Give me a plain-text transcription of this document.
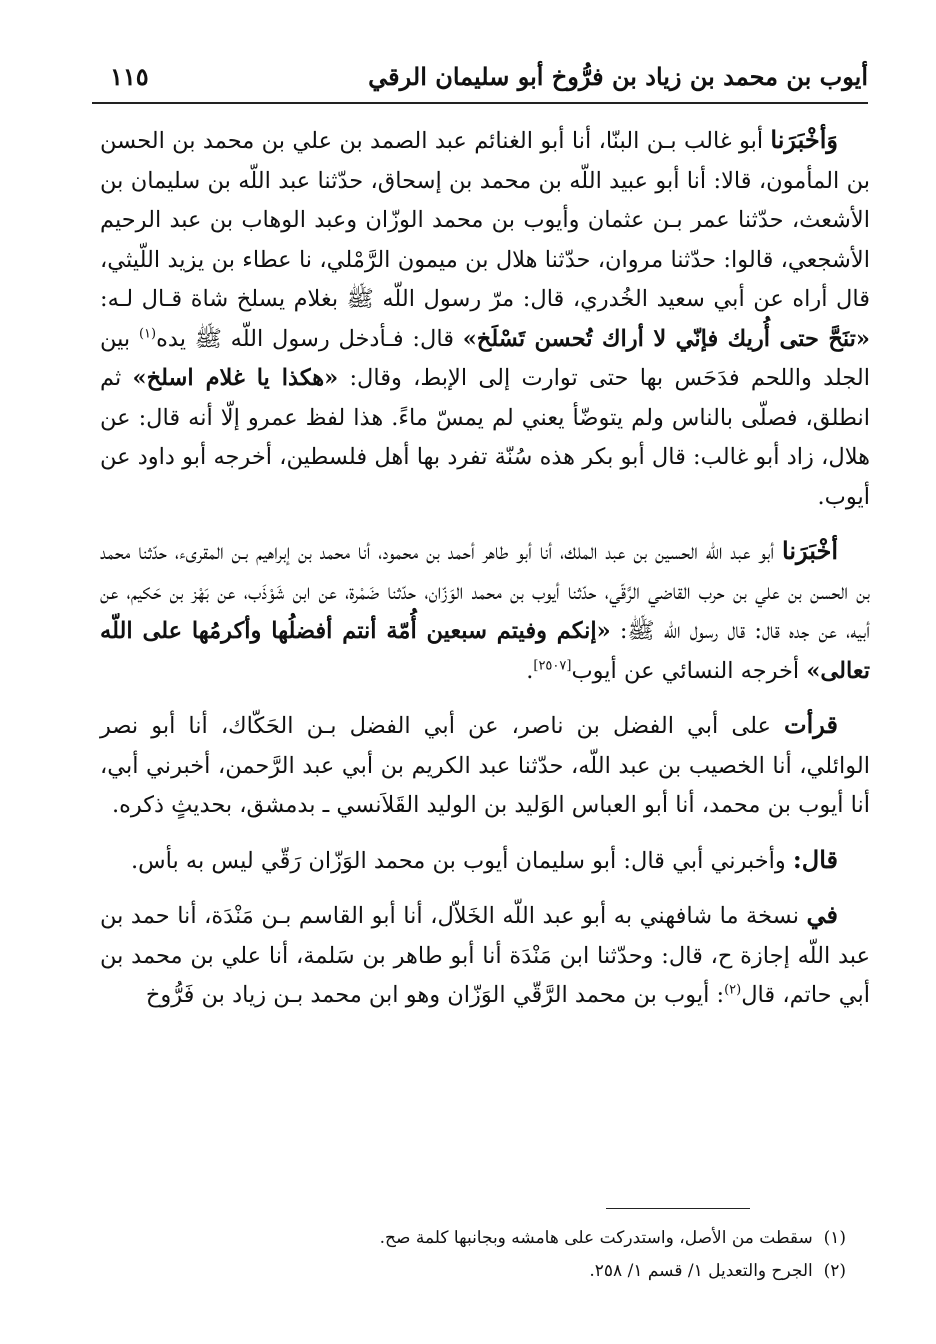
أيوب بن محمد بن زياد بن فرُّوخ أبو سليمان الرقي
١١٥

وَأخْبَرَنا أبو غالب بـن البنّا، أنا أبو الغنائم عبد الصمد بن علي بن محمد بن الحسن بن المأمون، قالا: أنا أبو عبيد اللّه بن محمد بن إسحاق، حدّثنا عبد اللّه بن سليمان بن الأشعث، حدّثنا عمر بـن عثمان وأيوب بن محمد الوزّان وعبد الوهاب بن عبد الرحيم الأشجعي، قالوا: حدّثنا مروان، حدّثنا هلال بن ميمون الرَّمْلي، نا عطاء بن يزيد اللّيثي، قال أراه عن أبي سعيد الخُدري، قال: مرّ رسول اللّه ﷺ بغلام يسلخ شاة قـال لـه: «تنَحَّ حتى أُريك فإنّي لا أراك تُحسن تَسْلَخ» قال: فـأدخل رسول اللّه ﷺ يده$^{(١)}$ بين الجلد واللحم فدَحَس بها حتى توارت إلى الإبط، وقال: «هكذا يا غلام اسلخ» ثم انطلق، فصلّى بالناس ولم يتوضّأ يعني لم يمسّ ماءً. هذا لفظ عمرو إلّا أنه قال: عن هلال، زاد أبو غالب: قال أبو بكر هذه سُنّة تفرد بها أهل فلسطين، أخرجه أبو داود عن أيوب.

أخْبَرَنا أبو عبد اللّه الحسين بن عبد الملك، أنا أبو طاهر أحمد بن محمود، أنا محمد بن إبراهيم بـن المقرىء، حدّثنا محمد بن الحسن بن علي بن حرب القاضي الرَّقّي، حدّثنا أيوب بن محمد الوَزّان، حدّثنا ضَمْرة، عن ابن شَوْذَب، عن بَهْز بن حَكيم، عن أبيه، عن جده قال: قال رسول اللّه ﷺ: «إنكم وفيتم سبعين أُمّة أنتم أفضلُها وأكرمُها على اللّه تعالى» أخرجه النسائي عن أيوب[٢٥٠٧].

قرأت على أبي الفضل بن ناصر، عن أبي الفضل بـن الحَكّاك، أنا أبو نصر الوائلي، أنا الخصيب بن عبد اللّه، حدّثنا عبد الكريم بن أبي عبد الرَّحمن، أخبرني أبي، أنا أيوب بن محمد، أنا أبو العباس الوَليد بن الوليد القَلاَنسي ـ بدمشق، بحديثٍ ذكره.

قال: وأخبرني أبي قال: أبو سليمان أيوب بن محمد الوَزّان رَقّي ليس به بأس.

في نسخة ما شافهني به أبو عبد اللّه الخَلاّل، أنا أبو القاسم بـن مَنْدَة، أنا حمد بن عبد اللّه إجازة ح، قال: وحدّثنا ابن مَنْدَة أنا أبو طاهر بن سَلمة، أنا علي بن محمد بن أبي حاتم، قال$^{(٢)}$: أيوب بن محمد الرَّقّي الوَزّان وهو ابن محمد بـن زياد بن فَرُّوخ

(١)  سقطت من الأصل، واستدركت على هامشه وبجانبها كلمة صح.
(٢)  الجرح والتعديل ١/ قسم ١/ ٢٥٨.
